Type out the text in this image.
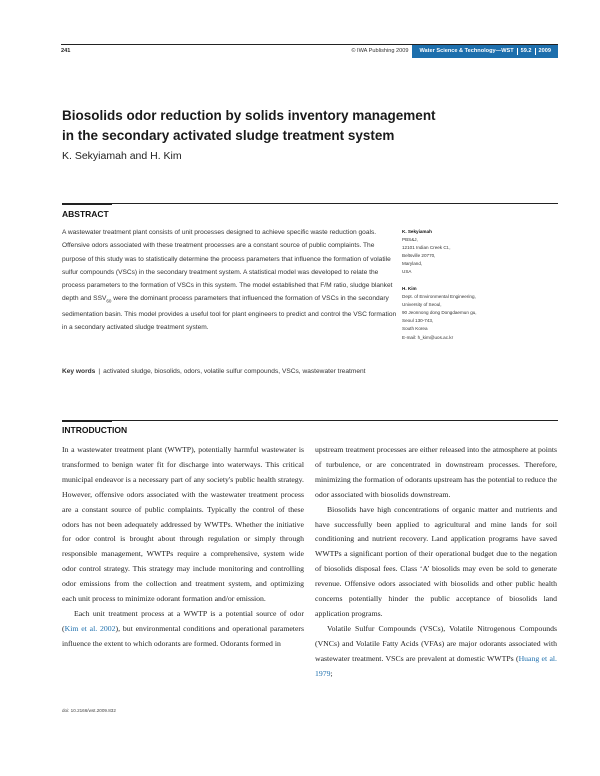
241	© IWA Publishing 2009	Water Science & Technology—WST	59.2	2009
Biosolids odor reduction by solids inventory management
in the secondary activated sludge treatment system

K. Sekyiamah and H. Kim

ABSTRACT

A wastewater treatment plant consists of unit processes designed to achieve specific waste reduction goals. Offensive odors associated with these treatment processes are a constant source of public complaints. The purpose of this study was to statistically determine the process parameters that influence the formation of volatile sulfur compounds (VSCs) in the secondary treatment system. A statistical model was developed to relate the process parameters to the formation of VSCs in this system. The model established that F/M ratio, sludge blanket depth and $SSV_{60}$ were the dominant process parameters that influenced the formation of VSCs in the secondary sedimentation basin. This model provides a useful tool for plant engineers to predict and control the VSC formation in a secondary activated sludge treatment system.

Key words | activated sludge, biosolids, odors, volatile sulfur compounds, VSCs, wastewater treatment
K. Sekyiamah
PBS&J,
12101 Indian Creek Ct.,
Beltsville 20770,
Maryland,
USA
H. Kim
Dept. of Environmental Engineering,
University of Seoul,
90 Jeonnong dong Dongdaemun gu,
Seoul 130-743,
South Korea
E-mail: h_kim@uos.ac.kr
INTRODUCTION

In a wastewater treatment plant (WWTP), potentially harmful wastewater is transformed to benign water fit for discharge into waterways. This critical municipal endeavor is a necessary part of any society's public health strategy. However, offensive odors associated with the wastewater treatment process are a constant source of public complaints. Typically the control of these odors has not been adequately addressed by WWTPs. Whether the initiative for odor control is brought about through regulation or simply through responsible management, WWTPs require a comprehensive, system wide odor control strategy. This strategy may include monitoring and controlling odor emissions from the collection and treatment system, and optimizing each unit process to minimize odorant formation and/or emission.

Each unit treatment process at a WWTP is a potential source of odor (Kim et al. 2002), but environmental conditions and operational parameters influence the extent to which odorants are formed. Odorants formed in

upstream treatment processes are either released into the atmosphere at points of turbulence, or are concentrated in downstream processes. Therefore, minimizing the formation of odorants upstream has the potential to reduce the odor associated with biosolids downstream.

Biosolids have high concentrations of organic matter and nutrients and have successfully been applied to agricultural and mine lands for soil conditioning and nutrient recovery. Land application programs have saved WWTPs a significant portion of their operational budget due to the negation of biosolids disposal fees. Class ‘A’ biosolids may even be sold to generate revenue. Offensive odors associated with biosolids and other public health concerns potentially hinder the public acceptance of biosolids land application programs.

Volatile Sulfur Compounds (VSCs), Volatile Nitrogenous Compounds (VNCs) and Volatile Fatty Acids (VFAs) are major odorants associated with wastewater treatment. VSCs are prevalent at domestic WWTPs (Huang et al. 1979;

doi: 10.2166/wst.2009.832
